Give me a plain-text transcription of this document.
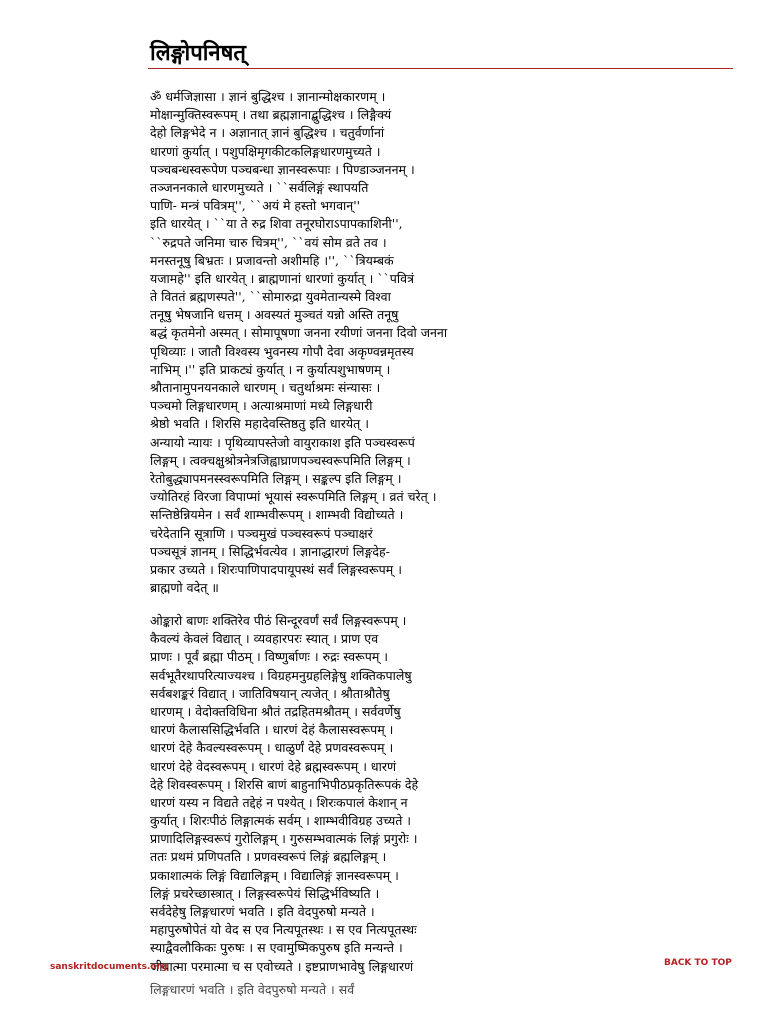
लिङ्गोपनिषत्
ॐ धर्मजिज्ञासा । ज्ञानं बुद्धिश्च । ज्ञानान्मोक्षकारणम् ।
मोक्षान्मुक्तिस्वरूपम् । तथा ब्रह्मज्ञानाद्बुद्धिश्च । लिङ्गैक्यं
देहो लिङ्गभेदे न । अज्ञानात् ज्ञानं बुद्धिश्च । चतुर्वर्णानां
धारणां कुर्यात् । पशुपक्षिमृगकीटकलिङ्गधारणमुच्यते ।
पञ्चबन्धस्वरूपेण पञ्चबन्धा ज्ञानस्वरूपाः । पिण्डाञ्जननम् ।
तञ्जननकाले धारणमुच्यते । ``सर्वलिङ्गं स्थापयति
पाणि- मन्त्रं पवित्रम्'', ``अयं मे हस्तो भगवान्''
इति धारयेत् । ``या ते रुद्र शिवा तनूरघोराऽपापकाशिनी'',
``रुद्रपते जनिमा चारु चित्रम्'', ``वयं सोम व्रते तव ।
मनस्तनूषु बिभ्रतः । प्रजावन्तो अशीमहि ।'', ``त्रियम्बकं
यजामहे'' इति धारयेत् । ब्राह्मणानां धारणां कुर्यात् । ``पवित्रं
ते विततं ब्रह्मणस्पते'', ``सोमारुद्रा युवमेतान्यस्मे विश्वा
तनूषु भेषजानि धत्तम् । अवस्यतं मुञ्चतं यन्नो अस्ति तनूषु
बद्धं कृतमेनो अस्मत् । सोमापूषणा जनना रयीणां जनना दिवो जनना
पृथिव्याः । जातौ विश्वस्य भुवनस्य गोपौ देवा अकृण्वन्नमृतस्य
नाभिम् ।'' इति प्राकट्यं कुर्यात् । न कुर्यात्पशुभाषणम् ।
श्रौतानामुपनयनकाले धारणम् । चतुर्थाश्रमः संन्यासः ।
पञ्चमो लिङ्गधारणम् । अत्याश्रमाणां मध्ये लिङ्गधारी
श्रेष्ठो भवति । शिरसि महादेवस्तिष्ठतु इति धारयेत् ।
अन्यायो न्यायः । पृथिव्यापस्तेजो वायुराकाश इति पञ्चस्वरूपं
लिङ्गम् । त्वक्चक्षुश्रोत्रनेत्रजिह्वाघ्राणपञ्चस्वरूपमिति लिङ्गम् ।
रेतोबुद्ध्यापमनस्स्वरूपमिति लिङ्गम् । सङ्कल्प इति लिङ्गम् ।
ज्योतिरहं विरजा विपाप्मां भूयासं स्वरूपमिति लिङ्गम् । व्रतं चरेत् ।
सन्तिष्ठेन्नियमेन । सर्वं शाम्भवीरूपम् । शाम्भवी विद्योच्यते ।
चरेदेतानि सूत्राणि । पञ्चमुखं पञ्चस्वरूपं पञ्चाक्षरं
पञ्चसूत्रं ज्ञानम् । सिद्धिर्भवत्येव । ज्ञानाद्धारणं लिङ्गदेह-
प्रकार उच्यते । शिरःपाणिपादपायूपस्थं सर्वं लिङ्गस्वरूपम् ।
ब्राह्मणो वदेत् ॥
ओङ्कारो बाणः शक्तिरेव पीठं सिन्दूरवर्णं सर्वं लिङ्गस्वरूपम् ।
कैवल्यं केवलं विद्यात् । व्यवहारपरः स्यात् । प्राण एव
प्राणः । पूर्वं ब्रह्मा पीठम् । विष्णुर्बाणः । रुद्रः स्वरूपम् ।
सर्वभूतैरथापरित्याज्यश्च । विग्रहमनुग्रहलिङ्गेषु शक्तिकपालेषु
सर्वबशङ्करं विद्यात् । जातिविषयान् त्यजेत् । श्रौताश्रौतेषु
धारणम् । वेदोक्तविधिना श्रौतं तद्रहितमश्रौतम् । सर्ववर्णेषु
धारणं कैलाससिद्धिर्भवति । धारणं देहं कैलासस्वरूपम् ।
धारणं देहे कैवल्यस्वरूपम् । धाळुर्णं देहे प्रणवस्वरूपम् ।
धारणं देहे वेदस्वरूपम् । धारणं देहे ब्रह्मस्वरूपम् । धारणं
देहे शिवस्वरूपम् । शिरसि बाणं बाहुनाभिपीठप्रकृतिरूपकं देहे
धारणं यस्य न विद्यते तद्देहं न पश्येत् । शिरःकपालं केशान् न
कुर्यात् । शिरःपीठं लिङ्गात्मकं सर्वम् । शाम्भवीविग्रह उच्यते ।
प्राणादिलिङ्गस्वरूपं गुरोलिङ्गम् । गुरुसम्भवात्मकं लिङ्गं प्रगुरोः ।
ततः प्रथमं प्रणिपतति । प्रणवस्वरूपं लिङ्गं ब्रह्मलिङ्गम् ।
प्रकाशात्मकं लिङ्गं विद्यालिङ्गम् । विद्यालिङ्गं ज्ञानस्वरूपम् ।
लिङ्गं प्रचरेच्छास्त्रात् । लिङ्गस्वरूपेयं सिद्धिर्भविष्यति ।
सर्वदेहेषु लिङ्गधारणं भवति । इति वेदपुरुषो मन्यते ।
महापुरुषोपेतं यो वेद स एव नित्यपूतस्थः । स एव नित्यपूतस्थः
स्याद्वैवलौकिकः पुरुषः । स एवामुष्मिकपुरुष इति मन्यन्ते ।
जीवात्मा परमात्मा च स एवोच्यते । इष्टप्राणभावेषु लिङ्गधारणं
लिङ्गधारणं भवति । इति वेदपुरुषो मन्यते । सर्वं
sanskritdocuments.org	BACK TO TOP
